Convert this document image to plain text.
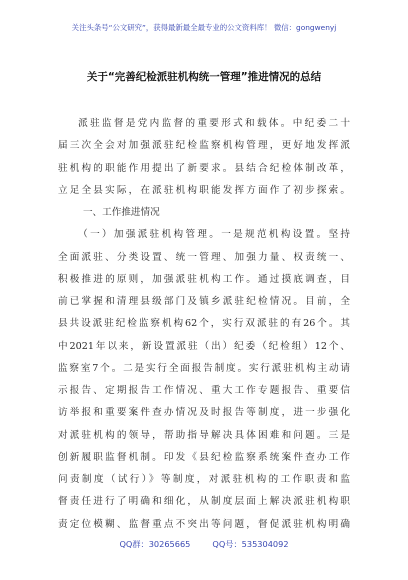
关注头条号“公文研究”，获得最新最全最专业的公文资料库！ 微信：gongwenyj
关于“完善纪检派驻机构统一管理”推进情况的总结
派驻监督是党内监督的重要形式和载体。中纪委二十
届三次全会对加强派驻纪检监察机构管理，更好地发挥派
驻机构的职能作用提出了新要求。县结合纪检体制改革，
立足全县实际，在派驻机构职能发挥方面作了初步探索。
一、工作推进情况
（一）加强派驻机构管理。一是规范机构设置。坚持
全面派驻、分类设置、统一管理、加强力量、权责统一、
积极推进的原则，加强派驻机构工作。通过摸底调查，目
前已掌握和清理县级部门及镇乡派驻纪检情况。目前，全
县共设派驻纪检监察机构62个，实行双派驻的有26个。其
中2021年以来，新设置派驻（出）纪委（纪检组）12个、
监察室7个。二是实行全面报告制度。实行派驻机构主动请
示报告、定期报告工作情况、重大工作专题报告、重要信
访举报和重要案件查办情况及时报告等制度，进一步强化
对派驻机构的领导，帮助指导解决具体困难和问题。三是
创新履职监督机制。印发《县纪检监察系统案件查办工作
问责制度（试行）》等制度，对派驻机构的工作职责和监
督责任进行了明确和细化，从制度层面上解决派驻机构职
责定位模糊、监督重点不突出等问题，督促派驻机构明确
QQ群：30265665	QQ号：535304092
